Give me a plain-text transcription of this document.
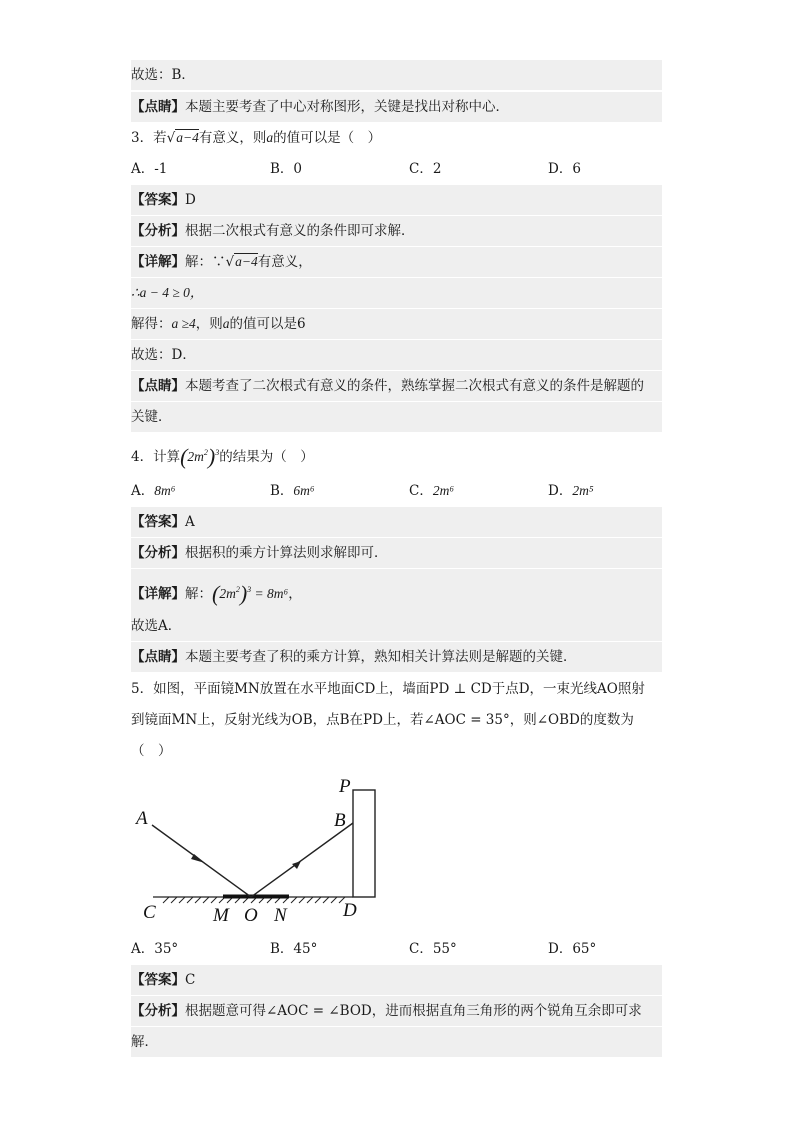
故选：B．
【点睛】本题主要考查了中心对称图形，关键是找出对称中心．
3．若√a−4有意义，则a的值可以是（　）
A．-1	B．0	C．2	D．6
【答案】D
【分析】根据二次根式有意义的条件即可求解．
【详解】解：∵√a−4有意义，
∴a − 4 ≥ 0，
解得：a ≥4，则a的值可以是6
故选：D．
【点睛】本题考查了二次根式有意义的条件，熟练掌握二次根式有意义的条件是解题的
关键．
4．计算$(2m^2)^3$的结果为（　）
A．8m⁶	B．6m⁶	C．2m⁶	D．2m⁵
【答案】A
【分析】根据积的乘方计算法则求解即可．
【详解】解：$(2m^2)^3 = 8m^6$，
故选A．
【点睛】本题主要考查了积的乘方计算，熟知相关计算法则是解题的关键．
5．如图，平面镜MN放置在水平地面CD上，墙面PD ⊥ CD于点D，一束光线AO照射
到镜面MN上，反射光线为OB，点B在PD上，若∠AOC = 35°，则∠OBD的度数为
（　）
A	B
P
C	M O N	D
A．35°	B．45°	C．55°	D．65°
【答案】C
【分析】根据题意可得∠AOC = ∠BOD，进而根据直角三角形的两个锐角互余即可求
解．
